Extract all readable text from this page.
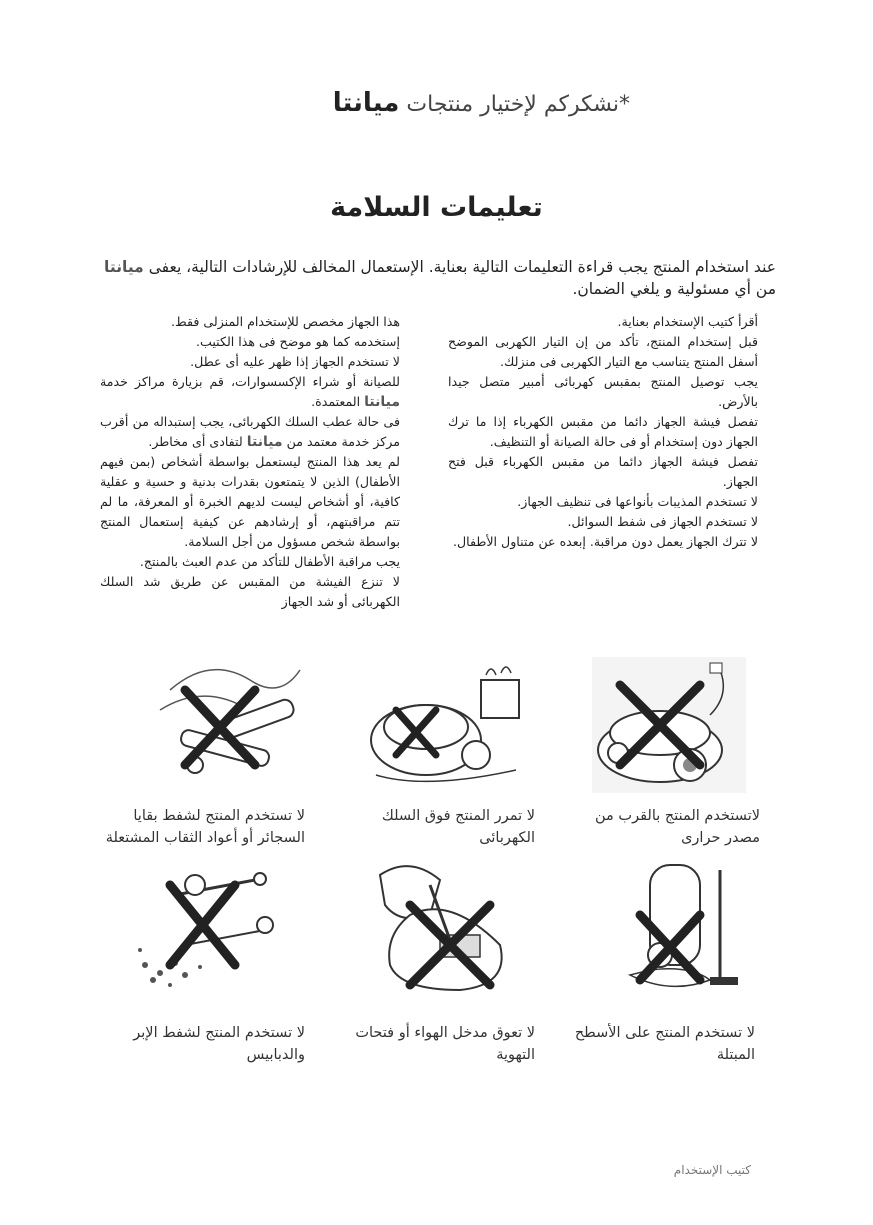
*نشكركم لإختيار منتجات ميانتا
تعليمات السلامة
عند استخدام المنتج يجب قراءة التعليمات التالية بعناية. الإستعمال المخالف للإرشادات التالية، يعفى ميانتا من أي مسئولية و يلغي الضمان.

أقرأ كتيب الإستخدام بعناية.

قبل إستخدام المنتج، تأكد من إن التيار الكهربى الموضح أسفل المنتج يتناسب مع التيار الكهربى فى منزلك.

يجب توصيل المنتج بمقبس كهربائى أمبير متصل جيدا بالأرض.

تفصل فيشة الجهاز دائما من مقبس الكهرباء إذا ما ترك الجهاز دون إستخدام أو فى حالة الصيانة أو التنظيف.

تفصل فيشة الجهاز دائما من مقبس الكهرباء قبل فتح الجهاز.

لا تستخدم المذيبات بأنواعها فى تنظيف الجهاز.

لا تستخدم الجهاز فى شفط السوائل.

لا تترك الجهاز يعمل دون مراقبة. إبعده عن متناول الأطفال.

هذا الجهاز مخصص للإستخدام المنزلى فقط.

إستخدمه كما هو موضح فى هذا الكتيب.

لا تستخدم الجهاز إذا ظهر عليه أى عطل.

للصيانة أو شراء الإكسسوارات، قم بزيارة مراكز خدمة ميانتا المعتمدة.

فى حالة عطب السلك الكهربائى، يجب إستبداله من أقرب مركز خدمة معتمد من ميانتا لتفادى أى مخاطر.

لم يعد هذا المنتج ليستعمل بواسطة أشخاص (بمن فيهم الأطفال) الذين لا يتمتعون بقدرات بدنية و حسية و عقلية كافية، أو أشخاص ليست لديهم الخبرة أو المعرفة، ما لم تتم مراقبتهم، أو إرشادهم عن كيفية إستعمال المنتج بواسطة شخص مسؤول من أجل السلامة.

يجب مراقبة الأطفال للتأكد من عدم العبث بالمنتج.

لا تنزع الفيشة من المقبس عن طريق شد السلك الكهربائى أو شد الجهاز

لاتستخدم المنتج بالقرب من مصدر حرارى
لا تمرر المنتج فوق السلك الكهربائى
لا تستخدم المنتج لشفط بقايا السجائر أو أعواد الثقاب المشتعلة
لا تستخدم المنتج على الأسطح المبتلة
لا تعوق مدخل الهواء أو فتحات التهوية
لا تستخدم المنتج لشفط الإبر والدبابيس
كتيب الإستخدام
